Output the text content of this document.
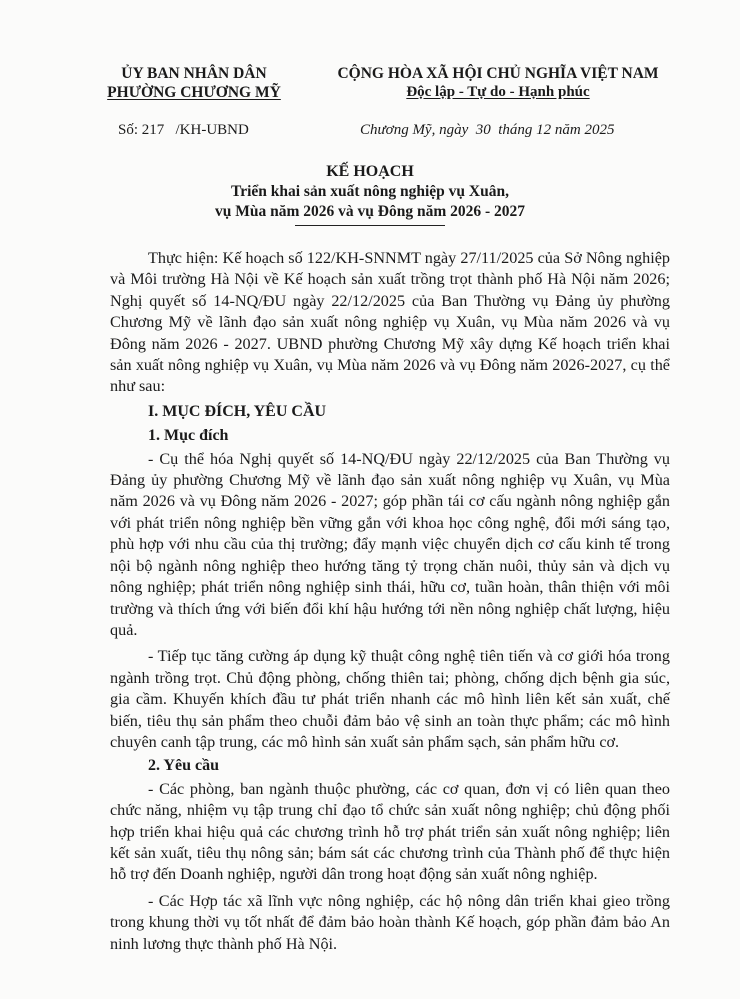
ỦY BAN NHÂN DÂN
PHƯỜNG CHƯƠNG MỸ
CỘNG HÒA XÃ HỘI CHỦ NGHĨA VIỆT NAM
Độc lập - Tự do - Hạnh phúc
Số: 217   /KH-UBND	Chương Mỹ, ngày  30  tháng 12 năm 2025
KẾ HOẠCH
Triển khai sản xuất nông nghiệp vụ Xuân,
vụ Mùa năm 2026 và vụ Đông năm 2026 - 2027

Thực hiện: Kế hoạch số 122/KH-SNNMT ngày 27/11/2025 của Sở Nông nghiệp và Môi trường Hà Nội về Kế hoạch sản xuất trồng trọt thành phố Hà Nội năm 2026; Nghị quyết số 14-NQ/ĐU ngày 22/12/2025 của Ban Thường vụ Đảng ủy phường Chương Mỹ về lãnh đạo sản xuất nông nghiệp vụ Xuân, vụ Mùa năm 2026 và vụ Đông năm 2026 - 2027. UBND phường Chương Mỹ xây dựng Kế hoạch triển khai sản xuất nông nghiệp vụ Xuân, vụ Mùa năm 2026 và vụ Đông năm 2026-2027, cụ thể như sau:

I. MỤC ĐÍCH, YÊU CẦU
1. Mục đích

- Cụ thể hóa Nghị quyết số 14-NQ/ĐU ngày 22/12/2025 của Ban Thường vụ Đảng ủy phường Chương Mỹ về lãnh đạo sản xuất nông nghiệp vụ Xuân, vụ Mùa năm 2026 và vụ Đông năm 2026 - 2027; góp phần tái cơ cấu ngành nông nghiệp gắn với phát triển nông nghiệp bền vững gắn với khoa học công nghệ, đổi mới sáng tạo, phù hợp với nhu cầu của thị trường; đẩy mạnh việc chuyển dịch cơ cấu kinh tế trong nội bộ ngành nông nghiệp theo hướng tăng tỷ trọng chăn nuôi, thủy sản và dịch vụ nông nghiệp; phát triển nông nghiệp sinh thái, hữu cơ, tuần hoàn, thân thiện với môi trường và thích ứng với biến đổi khí hậu hướng tới nền nông nghiệp chất lượng, hiệu quả.

- Tiếp tục tăng cường áp dụng kỹ thuật công nghệ tiên tiến và cơ giới hóa trong ngành trồng trọt. Chủ động phòng, chống thiên tai; phòng, chống dịch bệnh gia súc, gia cầm. Khuyến khích đầu tư phát triển nhanh các mô hình liên kết sản xuất, chế biến, tiêu thụ sản phẩm theo chuỗi đảm bảo vệ sinh an toàn thực phẩm; các mô hình chuyên canh tập trung, các mô hình sản xuất sản phẩm sạch, sản phẩm hữu cơ.

2. Yêu cầu

- Các phòng, ban ngành thuộc phường, các cơ quan, đơn vị có liên quan theo chức năng, nhiệm vụ tập trung chỉ đạo tổ chức sản xuất nông nghiệp; chủ động phối hợp triển khai hiệu quả các chương trình hỗ trợ phát triển sản xuất nông nghiệp; liên kết sản xuất, tiêu thụ nông sản; bám sát các chương trình của Thành phố để thực hiện hỗ trợ đến Doanh nghiệp, người dân trong hoạt động sản xuất nông nghiệp.

- Các Hợp tác xã lĩnh vực nông nghiệp, các hộ nông dân triển khai gieo trồng trong khung thời vụ tốt nhất để đảm bảo hoàn thành Kế hoạch, góp phần đảm bảo An ninh lương thực thành phố Hà Nội.
